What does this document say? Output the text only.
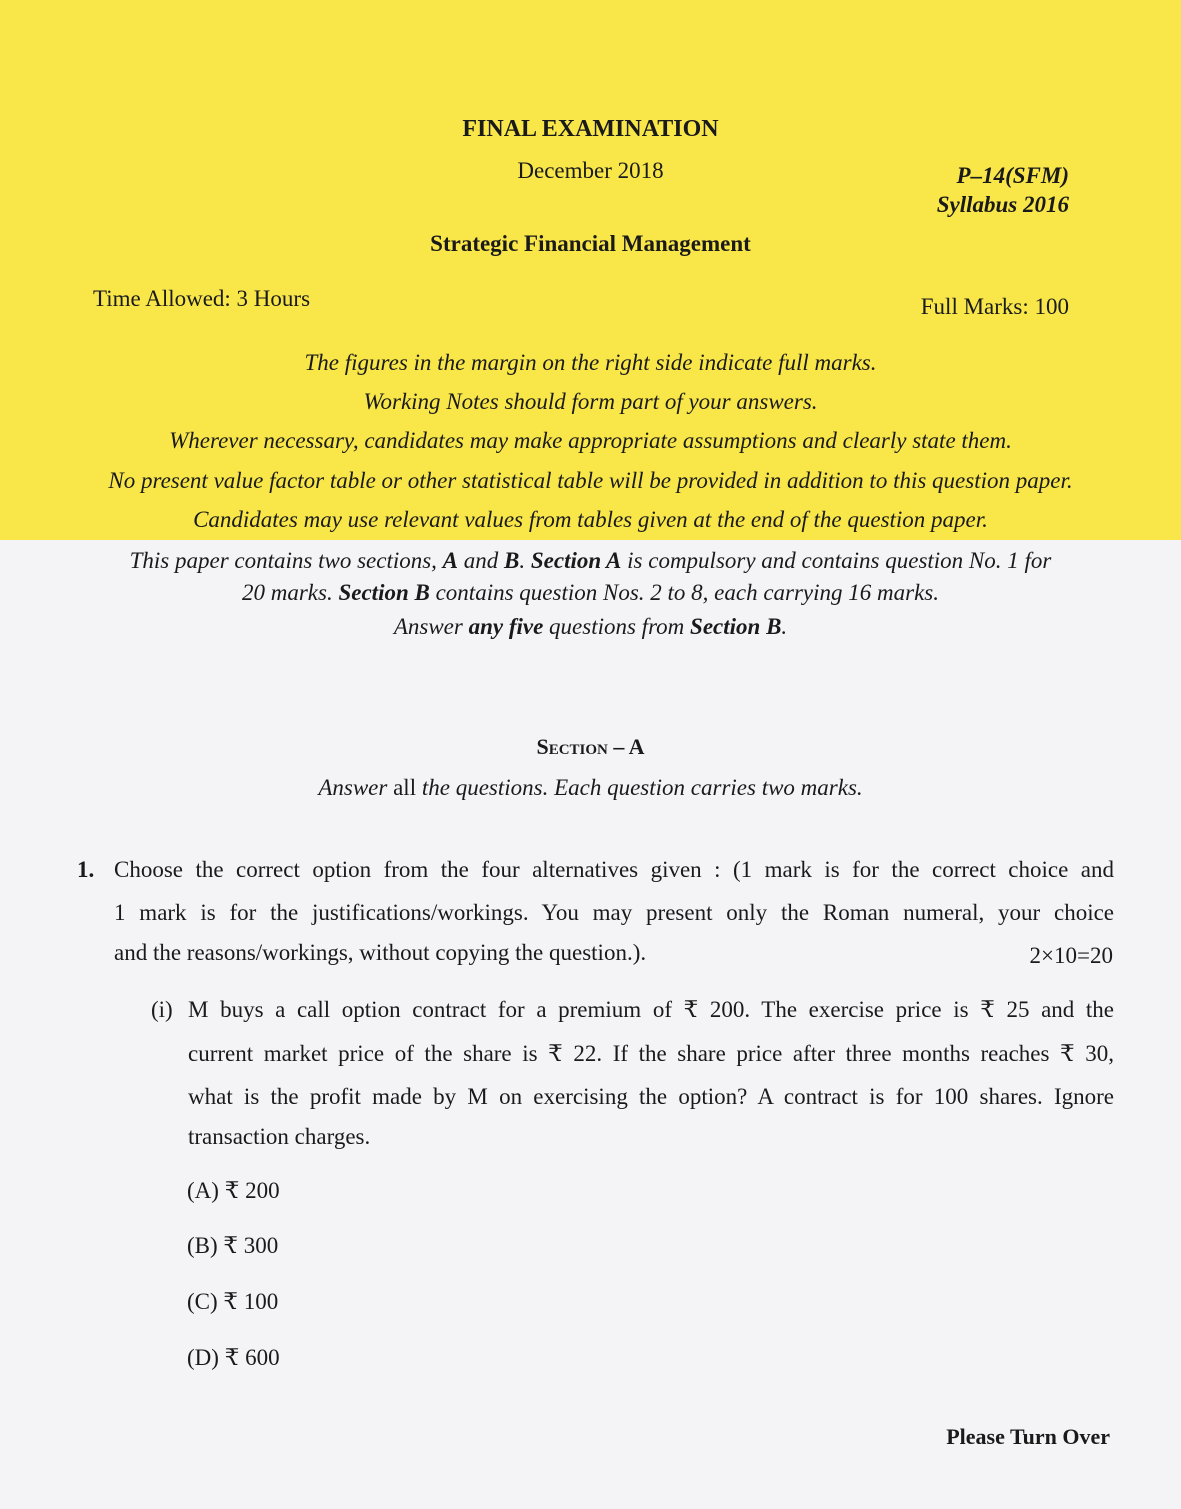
FINAL EXAMINATION
December 2018	P–14(SFM)
Syllabus 2016
Strategic Financial Management
Time Allowed: 3 Hours	Full Marks: 100
The figures in the margin on the right side indicate full marks.
Working Notes should form part of your answers.
Wherever necessary, candidates may make appropriate assumptions and clearly state them.
No present value factor table or other statistical table will be provided in addition to this question paper.
Candidates may use relevant values from tables given at the end of the question paper.
This paper contains two sections, A and B. Section A is compulsory and contains question No. 1 for
20 marks. Section B contains question Nos. 2 to 8, each carrying 16 marks.
Answer any five questions from Section B.
Section – A
Answer all the questions. Each question carries two marks.
1. Choose the correct option from the four alternatives given : (1 mark is for the correct choice and
1 mark is for the justifications/workings. You may present only the Roman numeral, your choice
and the reasons/workings, without copying the question.).	2×10=20
(i) M buys a call option contract for a premium of ₹ 200. The exercise price is ₹ 25 and the
current market price of the share is ₹ 22. If the share price after three months reaches ₹ 30,
what is the profit made by M on exercising the option? A contract is for 100 shares. Ignore
transaction charges.
(A) ₹ 200
(B) ₹ 300
(C) ₹ 100
(D) ₹ 600
Please Turn Over
